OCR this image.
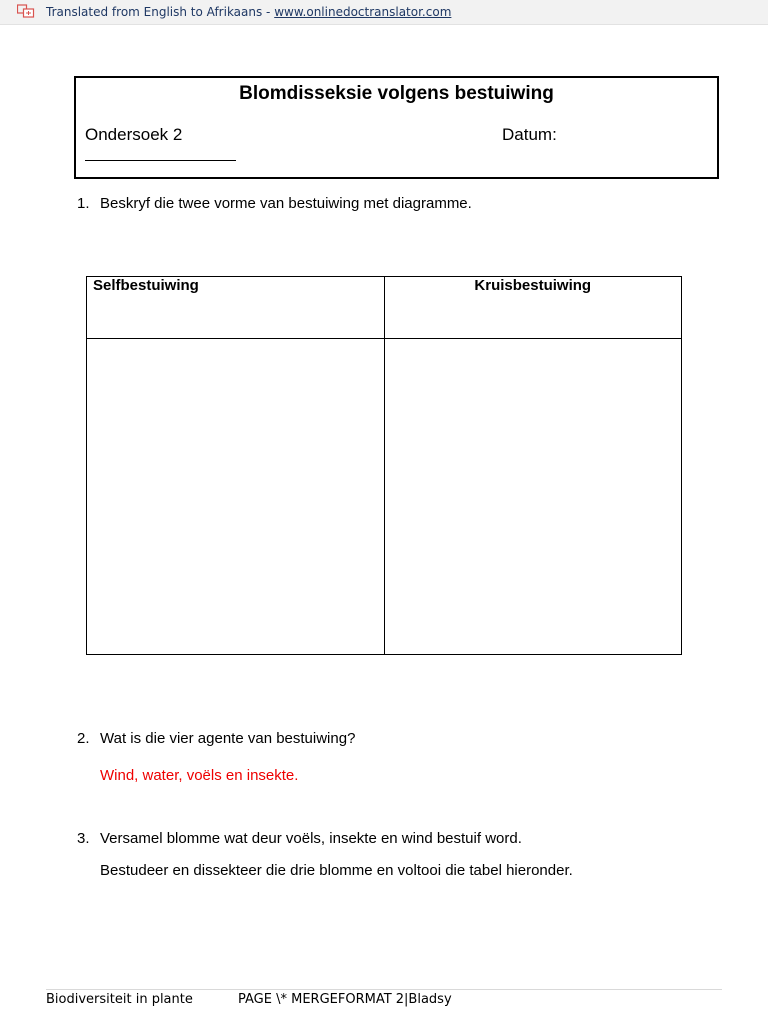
Translated from English to Afrikaans - www.onlinedoctranslator.com
Blomdisseksie volgens bestuiwing
Ondersoek 2	Datum:
1. Beskryf die twee vorme van bestuiwing met diagramme.
Selfbestuiwing	Kruisbestuiwing

2. Wat is die vier agente van bestuiwing?
Wind, water, voëls en insekte.
3. Versamel blomme wat deur voëls, insekte en wind bestuif word.
Bestudeer en dissekteer die drie blomme en voltooi die tabel hieronder.
Biodiversiteit in plante	PAGE \* MERGEFORMAT 2|Bladsy
